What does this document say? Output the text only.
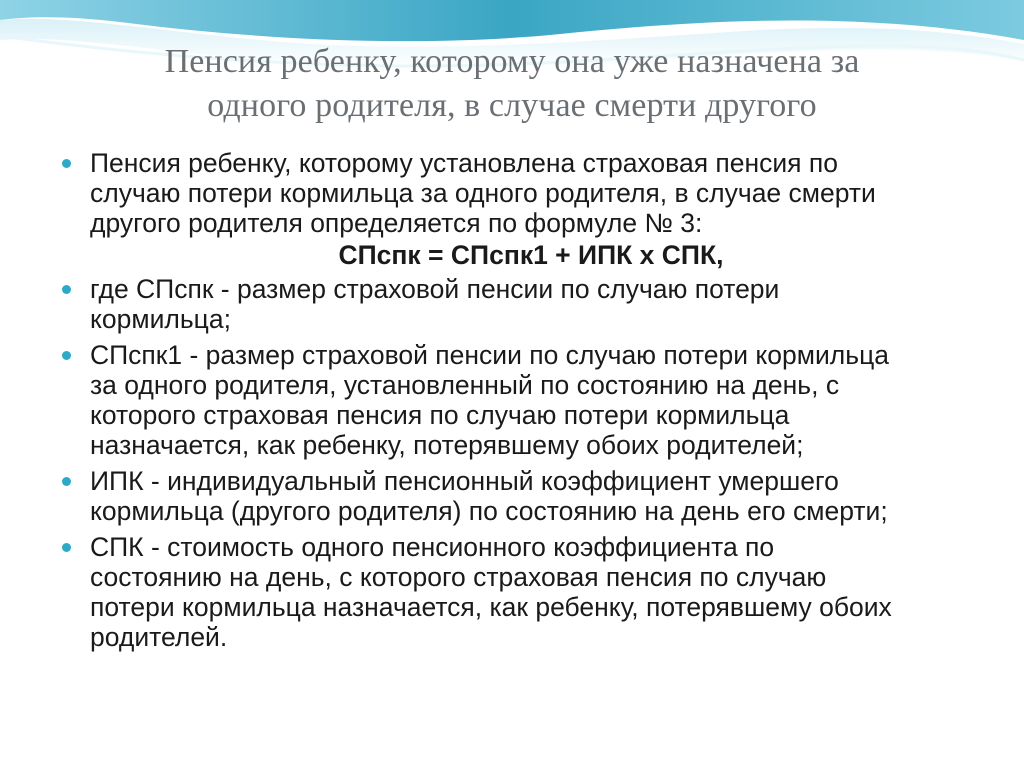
Пенсия ребенку, которому она уже назначена за
одного родителя, в случае смерти другого
Пенсия ребенку, которому установлена страховая пенсия по
случаю потери кормильца за одного родителя, в случае смерти
другого родителя определяется по формуле № 3:
СПспк = СПспк1 + ИПК x СПК,
где СПспк - размер страховой пенсии по случаю потери
кормильца;
СПспк1 - размер страховой пенсии по случаю потери кормильца
за одного родителя, установленный по состоянию на день, с
которого страховая пенсия по случаю потери кормильца
назначается, как ребенку, потерявшему обоих родителей;
ИПК - индивидуальный пенсионный коэффициент умершего
кормильца (другого родителя) по состоянию на день его смерти;
СПК - стоимость одного пенсионного коэффициента по
состоянию на день, с которого страховая пенсия по случаю
потери кормильца назначается, как ребенку, потерявшему обоих
родителей.
